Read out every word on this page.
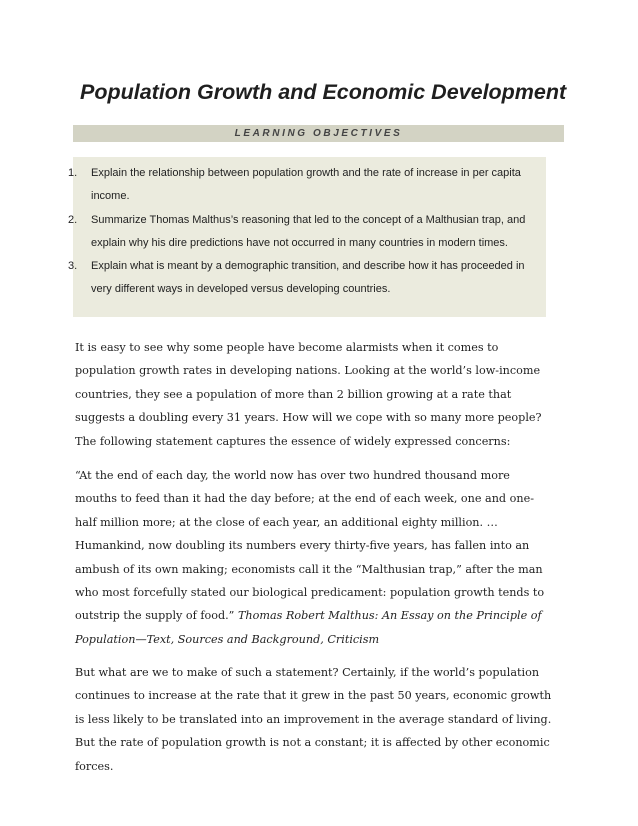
Population Growth and Economic Development
LEARNING OBJECTIVES
1. Explain the relationship between population growth and the rate of increase in per capita income.
2. Summarize Thomas Malthus’s reasoning that led to the concept of a Malthusian trap, and explain why his dire predictions have not occurred in many countries in modern times.
3. Explain what is meant by a demographic transition, and describe how it has proceeded in very different ways in developed versus developing countries.

It is easy to see why some people have become alarmists when it comes to population growth rates in developing nations. Looking at the world’s low-income countries, they see a population of more than 2 billion growing at a rate that suggests a doubling every 31 years. How will we cope with so many more people? The following statement captures the essence of widely expressed concerns:

“At the end of each day, the world now has over two hundred thousand more mouths to feed than it had the day before; at the end of each week, one and one-half million more; at the close of each year, an additional eighty million. … Humankind, now doubling its numbers every thirty-five years, has fallen into an ambush of its own making; economists call it the “Malthusian trap,” after the man who most forcefully stated our biological predicament: population growth tends to outstrip the supply of food.” Thomas Robert Malthus: An Essay on the Principle of Population—Text, Sources and Background, Criticism

But what are we to make of such a statement? Certainly, if the world’s population continues to increase at the rate that it grew in the past 50 years, economic growth is less likely to be translated into an improvement in the average standard of living. But the rate of population growth is not a constant; it is affected by other economic forces.
